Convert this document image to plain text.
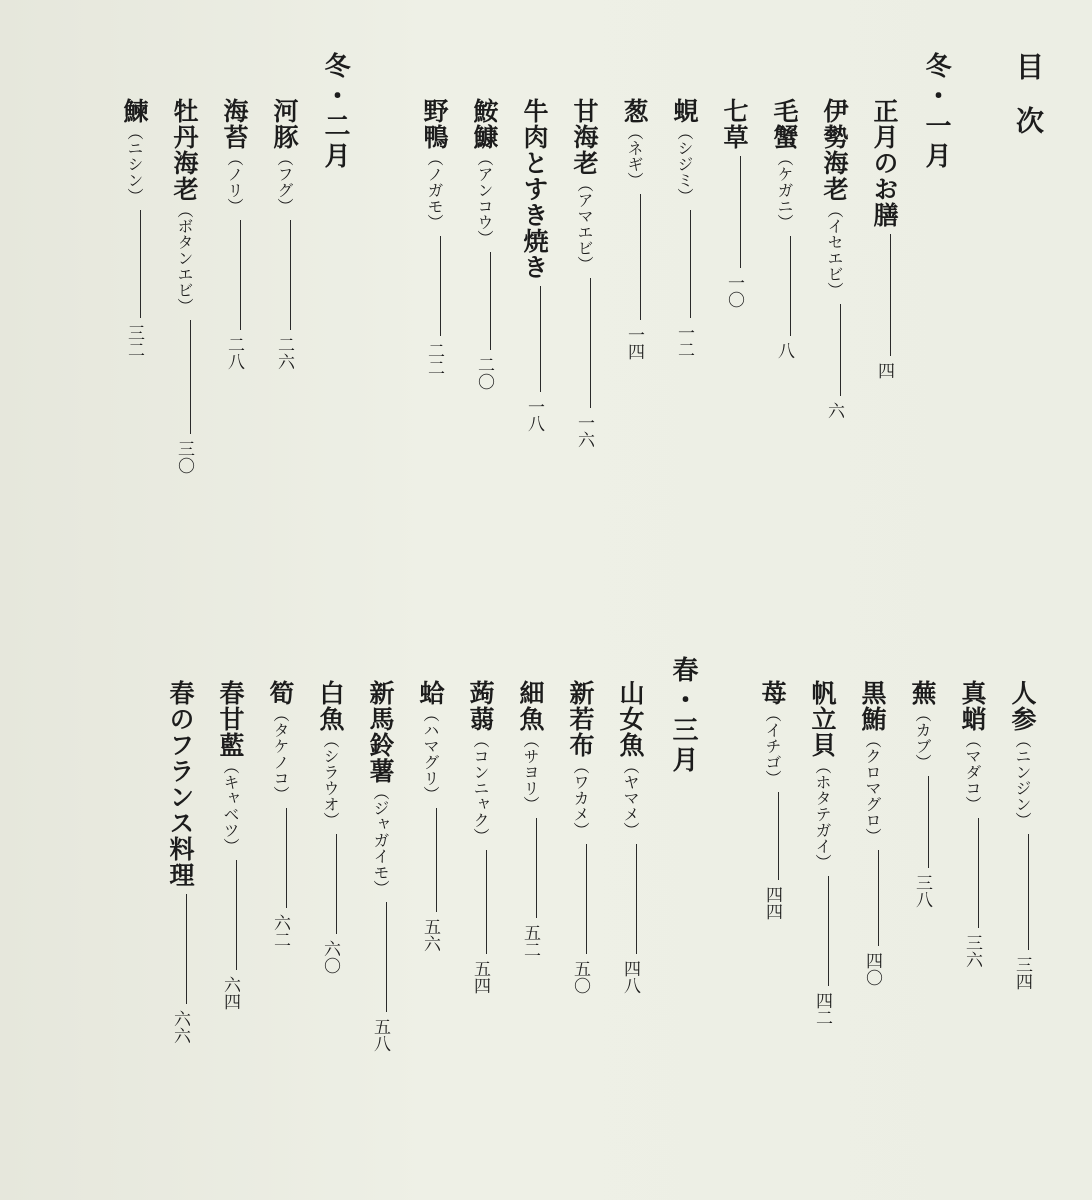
目次
冬・一月
冬・二月
春・三月
正月のお膳四
伊勢海老（イセエビ）六
毛蟹（ケガニ）八
七草一〇
蜆（シジミ）一二
葱（ネギ）一四
甘海老（アマエビ）一六
牛肉とすき焼き一八
鮟鱇（アンコウ）二〇
野鴨（ノガモ）二二
河豚（フグ）二六
海苔（ノリ）二八
牡丹海老（ボタンエビ）三〇
鰊（ニシン）三二
人参（ニンジン）三四
真蛸（マダコ）三六
蕪（カブ）三八
黒鮪（クロマグロ）四〇
帆立貝（ホタテガイ）四二
苺（イチゴ）四四
山女魚（ヤマメ）四八
新若布（ワカメ）五〇
細魚（サヨリ）五二
蒟蒻（コンニャク）五四
蛤（ハマグリ）五六
新馬鈴薯（ジャガイモ）五八
白魚（シラウオ）六〇
筍（タケノコ）六二
春甘藍（キャベツ）六四
春のフランス料理六六
